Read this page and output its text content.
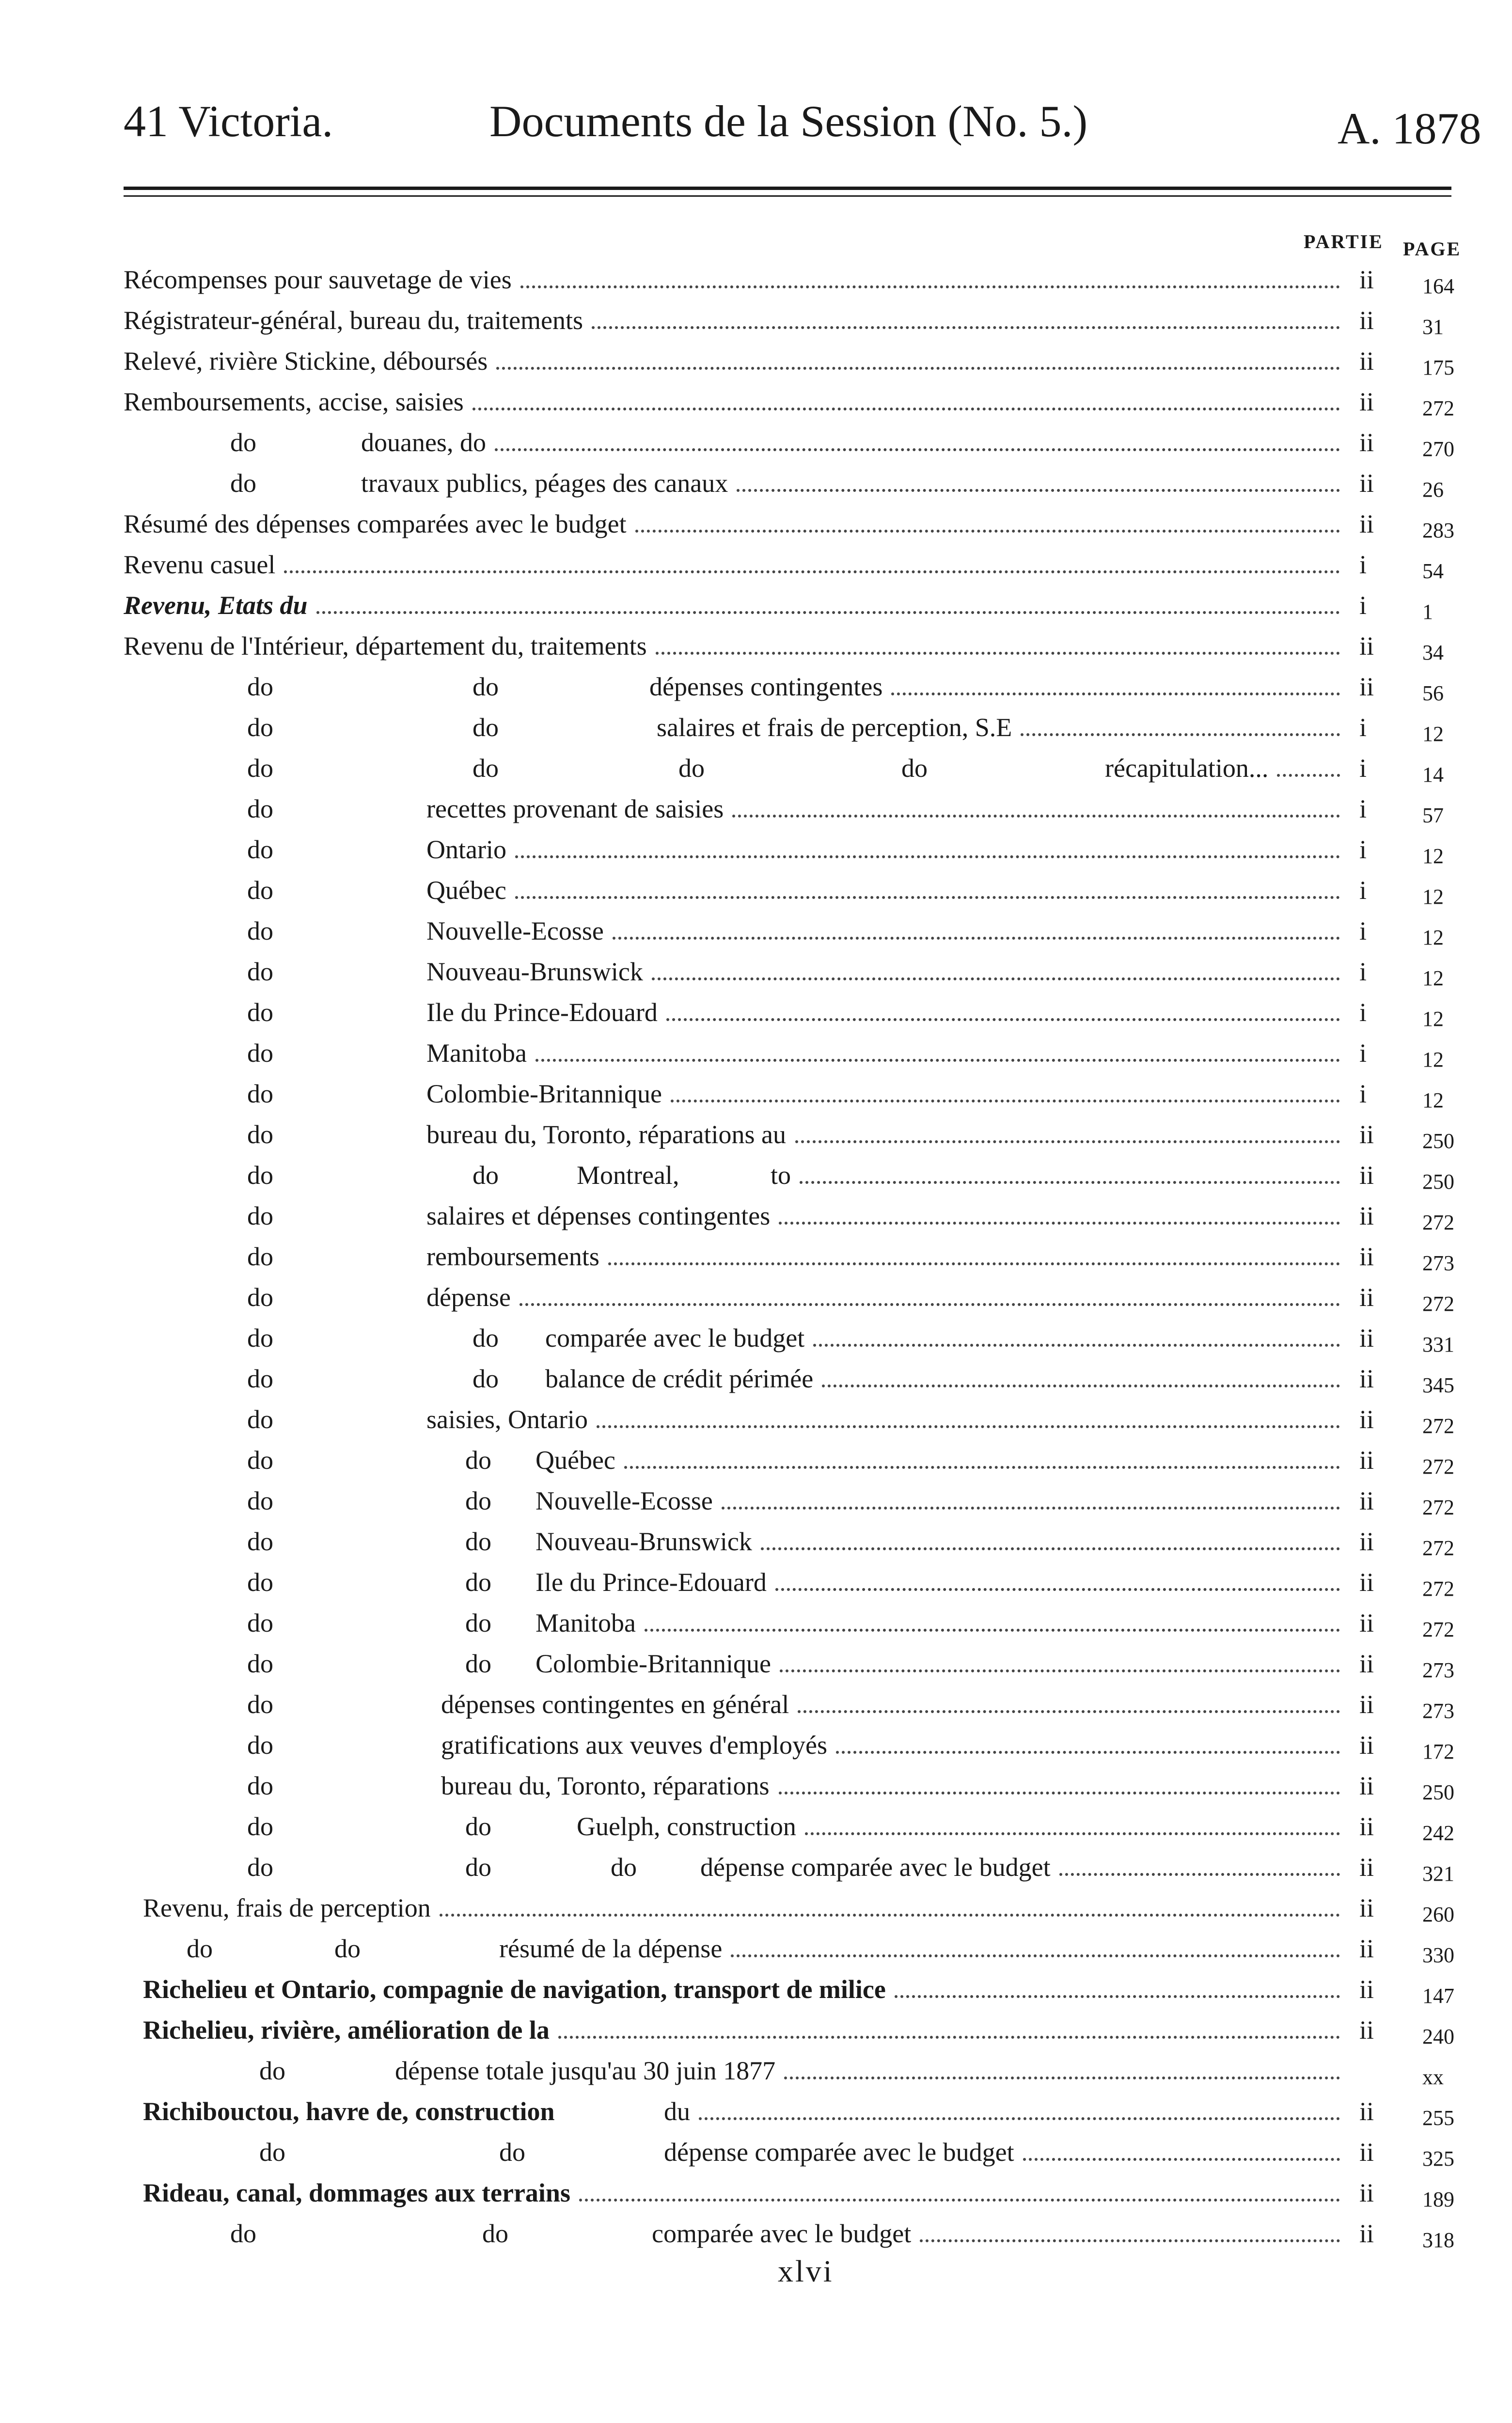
41 Victoria.	Documents de la Session (No. 5.)	A. 1878
PARTIE PAGE
Récompenses pour sauvetage de vies	ii 164
Régistrateur-général, bureau du, traitements	ii 31
Relevé, rivière Stickine, déboursés	ii 175
Remboursements, accise, saisies	ii 272
do	douanes, do	ii 270
do	travaux publics, péages des canaux	ii 26
Résumé des dépenses comparées avec le budget	ii 283
Revenu casuel	i	54
Revenu, Etats du	i	1
Revenu de l'Intérieur, département du, traitements	ii 34
do	do	dépenses contingentes	ii 56
do	do	salaires et frais de perception, S.E	i	12
do	do	do	do	récapitulation...	i	14
do	recettes provenant de saisies	i	57
do	Ontario	i	12
do	Québec	i	12
do	Nouvelle-Ecosse	i	12
do	Nouveau-Brunswick	i	12
do	Ile du Prince-Edouard	i	12
do	Manitoba	i	12
do	Colombie-Britannique	i	12
do	bureau du, Toronto, réparations au	ii 250
do	do	Montreal,	to	ii 250
do	salaires et dépenses contingentes	ii 272
do	remboursements	ii 273
do	dépense	ii 272
do	do comparée avec le budget	ii 331
do	do balance de crédit périmée	ii 345
do	saisies, Ontario	ii 272
do	do Québec	ii 272
do	do Nouvelle-Ecosse	ii 272
do	do Nouveau-Brunswick	ii 272
do	do Ile du Prince-Edouard	ii 272
do	do Manitoba	ii 272
do	do Colombie-Britannique	ii 273
do	dépenses contingentes en général	ii 273
do	gratifications aux veuves d'employés	ii 172
do	bureau du, Toronto, réparations	ii 250
do	do	Guelph, construction	ii 242
do	do	do dépense comparée avec le budget	ii 321
Revenu, frais de perception	ii 260
do	do	résumé de la dépense	ii 330
Richelieu et Ontario, compagnie de navigation, transport de milice	ii 147
Richelieu, rivière, amélioration de la	ii 240
do	dépense totale jusqu'au 30 juin 1877	xx
Richibouctou, havre de, construction	du	ii 255
do	do	dépense comparée avec le budget	ii 325
Rideau, canal, dommages aux terrains	ii 189
do	do	comparée avec le budget	ii 318
xlvi
